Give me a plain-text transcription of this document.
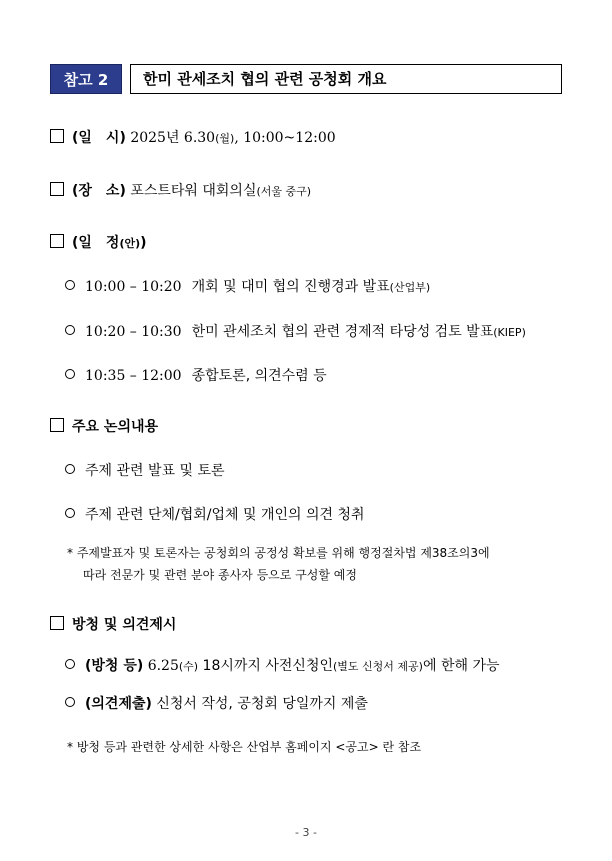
참고 2	한미 관세조치 협의 관련 공청회 개요
(일　시) 2025년 6.30(월), 10:00~12:00
(장　소) 포스트타워 대회의실(서울 중구)
(일　정(안))
10:00 – 10:20 개회 및 대미 협의 진행경과 발표(산업부)
10:20 – 10:30 한미 관세조치 협의 관련 경제적 타당성 검토 발표(KIEP)
10:35 – 12:00 종합토론, 의견수렴 등
주요 논의내용
주제 관련 발표 및 토론
주제 관련 단체/협회/업체 및 개인의 의견 청취
* 주제발표자 및 토론자는 공청회의 공정성 확보를 위해 행정절차법 제38조의3에
따라 전문가 및 관련 분야 종사자 등으로 구성할 예정
방청 및 의견제시
(방청 등) 6.25(수) 18시까지 사전신청인(별도 신청서 제공)에 한해 가능
(의견제출) 신청서 작성, 공청회 당일까지 제출
* 방청 등과 관련한 상세한 사항은 산업부 홈페이지 <공고> 란 참조
- 3 -
